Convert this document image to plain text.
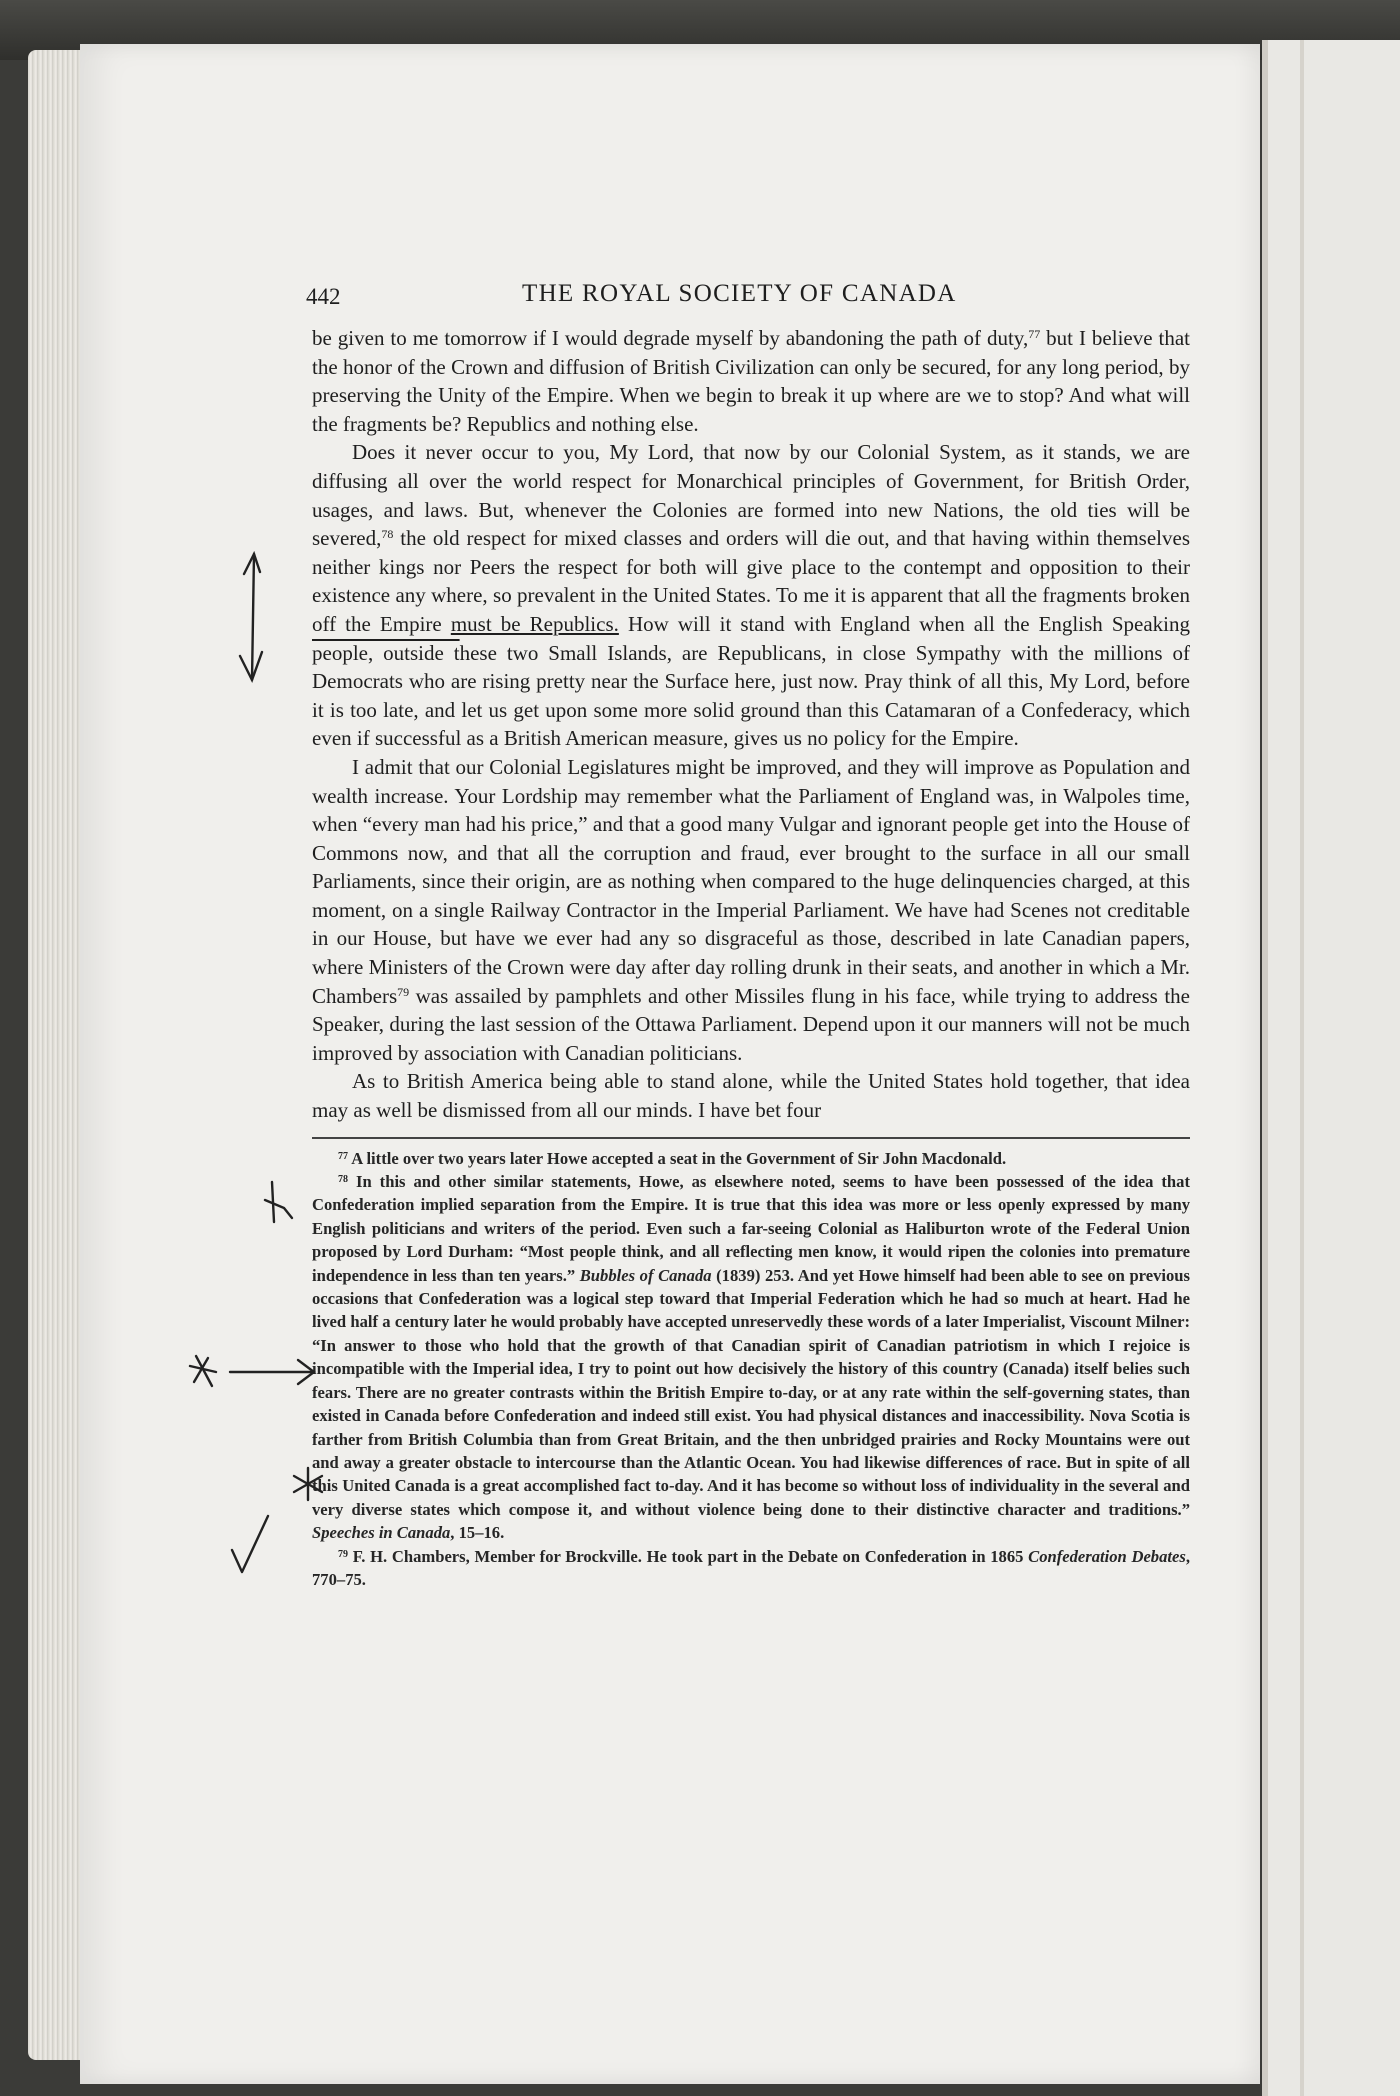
442	THE ROYAL SOCIETY OF CANADA

be given to me tomorrow if I would degrade myself by abandoning the path of duty,$^{77}$ but I believe that the honor of the Crown and diffusion of British Civilization can only be secured, for any long period, by preserving the Unity of the Empire. When we begin to break it up where are we to stop? And what will the fragments be? Republics and nothing else.

Does it never occur to you, My Lord, that now by our Colonial System, as it stands, we are diffusing all over the world respect for Monarchical principles of Government, for British Order, usages, and laws. But, whenever the Colonies are formed into new Nations, the old ties will be severed,$^{78}$ the old respect for mixed classes and orders will die out, and that having within themselves neither kings nor Peers the respect for both will give place to the contempt and opposition to their existence any where, so prevalent in the United States. To me it is apparent that all the fragments broken off the Empire must be Republics. How will it stand with England when all the English Speaking people, outside these two Small Islands, are Republicans, in close Sympathy with the millions of Democrats who are rising pretty near the Surface here, just now. Pray think of all this, My Lord, before it is too late, and let us get upon some more solid ground than this Catamaran of a Confederacy, which even if successful as a British American measure, gives us no policy for the Empire.

I admit that our Colonial Legislatures might be improved, and they will improve as Population and wealth increase. Your Lordship may remember what the Parliament of England was, in Walpoles time, when “every man had his price,” and that a good many Vulgar and ignorant people get into the House of Commons now, and that all the corruption and fraud, ever brought to the surface in all our small Parliaments, since their origin, are as nothing when compared to the huge delinquencies charged, at this moment, on a single Railway Contractor in the Imperial Parliament. We have had Scenes not creditable in our House, but have we ever had any so disgraceful as those, described in late Canadian papers, where Ministers of the Crown were day after day rolling drunk in their seats, and another in which a Mr. Chambers$^{79}$ was assailed by pamphlets and other Missiles flung in his face, while trying to address the Speaker, during the last session of the Ottawa Parliament. Depend upon it our manners will not be much improved by association with Canadian politicians.

As to British America being able to stand alone, while the United States hold together, that idea may as well be dismissed from all our minds. I have bet four

$^{77}$ A little over two years later Howe accepted a seat in the Government of Sir John Macdonald.

$^{78}$ In this and other similar statements, Howe, as elsewhere noted, seems to have been possessed of the idea that Confederation implied separation from the Empire. It is true that this idea was more or less openly expressed by many English politicians and writers of the period. Even such a far-seeing Colonial as Haliburton wrote of the Federal Union proposed by Lord Durham: “Most people think, and all reflecting men know, it would ripen the colonies into premature independence in less than ten years.” Bubbles of Canada (1839) 253. And yet Howe himself had been able to see on previous occasions that Confederation was a logical step toward that Imperial Federation which he had so much at heart. Had he lived half a century later he would probably have accepted unreservedly these words of a later Imperialist, Viscount Milner: “In answer to those who hold that the growth of that Canadian spirit of Canadian patriotism in which I rejoice is incompatible with the Imperial idea, I try to point out how decisively the history of this country (Canada) itself belies such fears. There are no greater contrasts within the British Empire to-day, or at any rate within the self-governing states, than existed in Canada before Confederation and indeed still exist. You had physical distances and inaccessibility. Nova Scotia is farther from British Columbia than from Great Britain, and the then unbridged prairies and Rocky Mountains were out and away a greater obstacle to intercourse than the Atlantic Ocean. You had likewise differences of race. But in spite of all this United Canada is a great accomplished fact to-day. And it has become so without loss of individuality in the several and very diverse states which compose it, and without violence being done to their distinctive character and traditions.” Speeches in Canada, 15–16.

$^{79}$ F. H. Chambers, Member for Brockville. He took part in the Debate on Confederation in 1865 Confederation Debates, 770–75.
